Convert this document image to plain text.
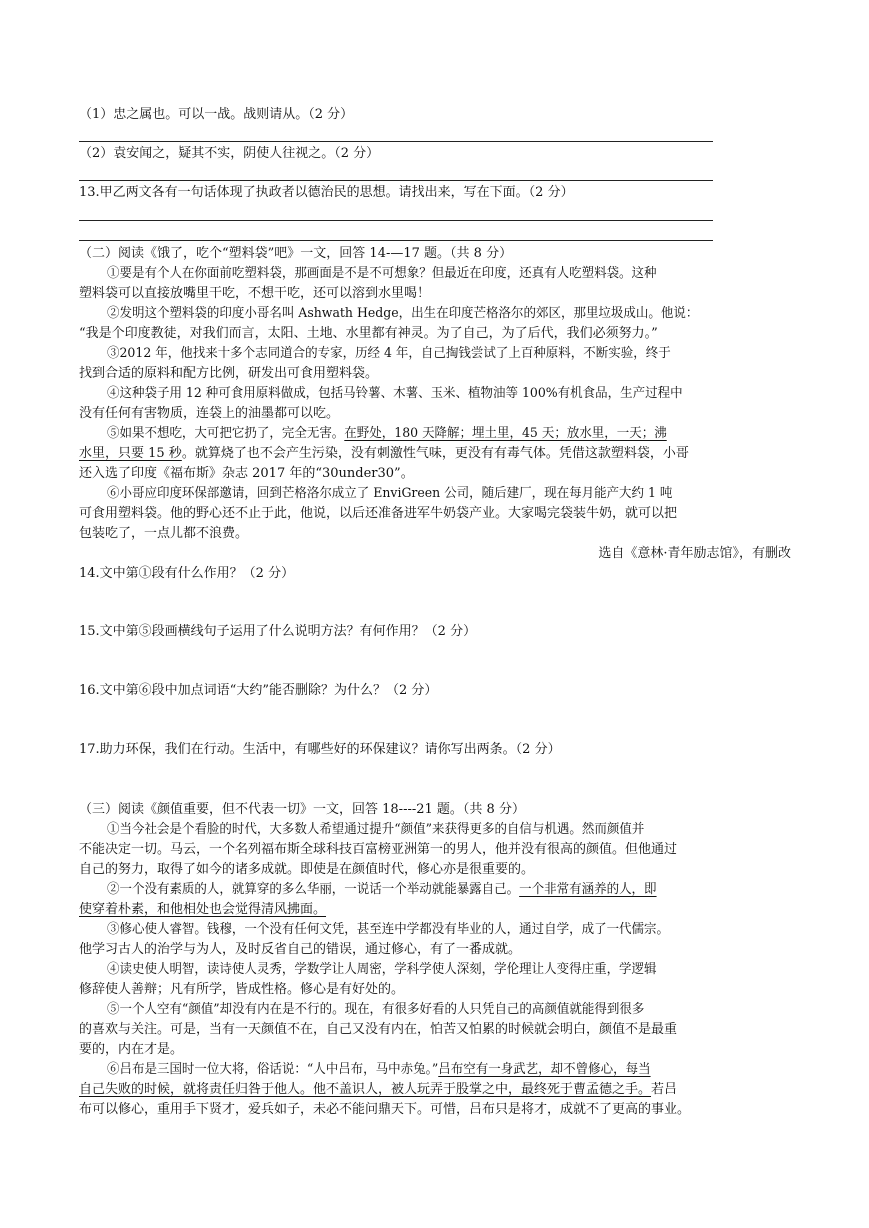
（1）忠之属也。可以一战。战则请从。（2 分）
（2）袁安闻之，疑其不实，阴使人往视之。（2 分）
13.甲乙两文各有一句话体现了执政者以德治民的思想。请找出来，写在下面。（2 分）
（二）阅读《饿了，吃个“塑料袋”吧》一文，回答 14-—17 题。（共 8 分）
①要是有个人在你面前吃塑料袋，那画面是不是不可想象？但最近在印度，还真有人吃塑料袋。这种
塑料袋可以直接放嘴里干吃，不想干吃，还可以溶到水里喝！
②发明这个塑料袋的印度小哥名叫 Ashwath Hedge，出生在印度芒格洛尔的郊区，那里垃圾成山。他说：
“我是个印度教徒，对我们而言，太阳、土地、水里都有神灵。为了自己，为了后代，我们必须努力。”
③2012 年，他找来十多个志同道合的专家，历经 4 年，自己掏钱尝试了上百种原料，不断实验，终于
找到合适的原料和配方比例，研发出可食用塑料袋。
④这种袋子用 12 种可食用原料做成，包括马铃薯、木薯、玉米、植物油等 100%有机食品，生产过程中
没有任何有害物质，连袋上的油墨都可以吃。
⑤如果不想吃，大可把它扔了，完全无害。在野处，180 天降解；埋土里，45 天；放水里，一天；沸
水里，只要 15 秒。就算烧了也不会产生污染，没有刺激性气味，更没有有毒气体。凭借这款塑料袋，小哥
还入选了印度《福布斯》杂志 2017 年的“30under30”。
⑥小哥应印度环保部邀请，回到芒格洛尔成立了 EnviGreen 公司，随后建厂，现在每月能产大约 1 吨
可食用塑料袋。他的野心还不止于此，他说，以后还准备进军牛奶袋产业。大家喝完袋装牛奶，就可以把
包装吃了，一点儿都不浪费。
选自《意林·青年励志馆》，有删改
14.文中第①段有什么作用？（2 分）
15.文中第⑤段画横线句子运用了什么说明方法？有何作用？（2 分）
16.文中第⑥段中加点词语“大约”能否删除？为什么？（2 分）
17.助力环保，我们在行动。生活中，有哪些好的环保建议？请你写出两条。（2 分）
（三）阅读《颜值重要，但不代表一切》一文，回答 18----21 题。（共 8 分）
①当今社会是个看脸的时代，大多数人希望通过提升“颜值”来获得更多的自信与机遇。然而颜值并
不能决定一切。马云，一个名列福布斯全球科技百富榜亚洲第一的男人，他并没有很高的颜值。但他通过
自己的努力，取得了如今的诸多成就。即使是在颜值时代，修心亦是很重要的。
②一个没有素质的人，就算穿的多么华丽，一说话一个举动就能暴露自己。一个非常有涵养的人，即
使穿着朴素，和他相处也会觉得清风拂面。
③修心使人睿智。钱穆，一个没有任何文凭，甚至连中学都没有毕业的人，通过自学，成了一代儒宗。
他学习古人的治学与为人，及时反省自己的错误，通过修心，有了一番成就。
④读史使人明智，读诗使人灵秀，学数学让人周密，学科学使人深刻，学伦理让人变得庄重，学逻辑
修辞使人善辩；凡有所学，皆成性格。修心是有好处的。
⑤一个人空有“颜值”却没有内在是不行的。现在，有很多好看的人只凭自己的高颜值就能得到很多
的喜欢与关注。可是，当有一天颜值不在，自己又没有内在，怕苦又怕累的时候就会明白，颜值不是最重
要的，内在才是。
⑥吕布是三国时一位大将，俗话说：“人中吕布，马中赤兔。”吕布空有一身武艺，却不曾修心，每当
自己失败的时候，就将责任归咎于他人。他不盖识人，被人玩弄于股掌之中，最终死于曹孟德之手。若吕
布可以修心，重用手下贤才，爱兵如子，未必不能问鼎天下。可惜，吕布只是将才，成就不了更高的事业。
